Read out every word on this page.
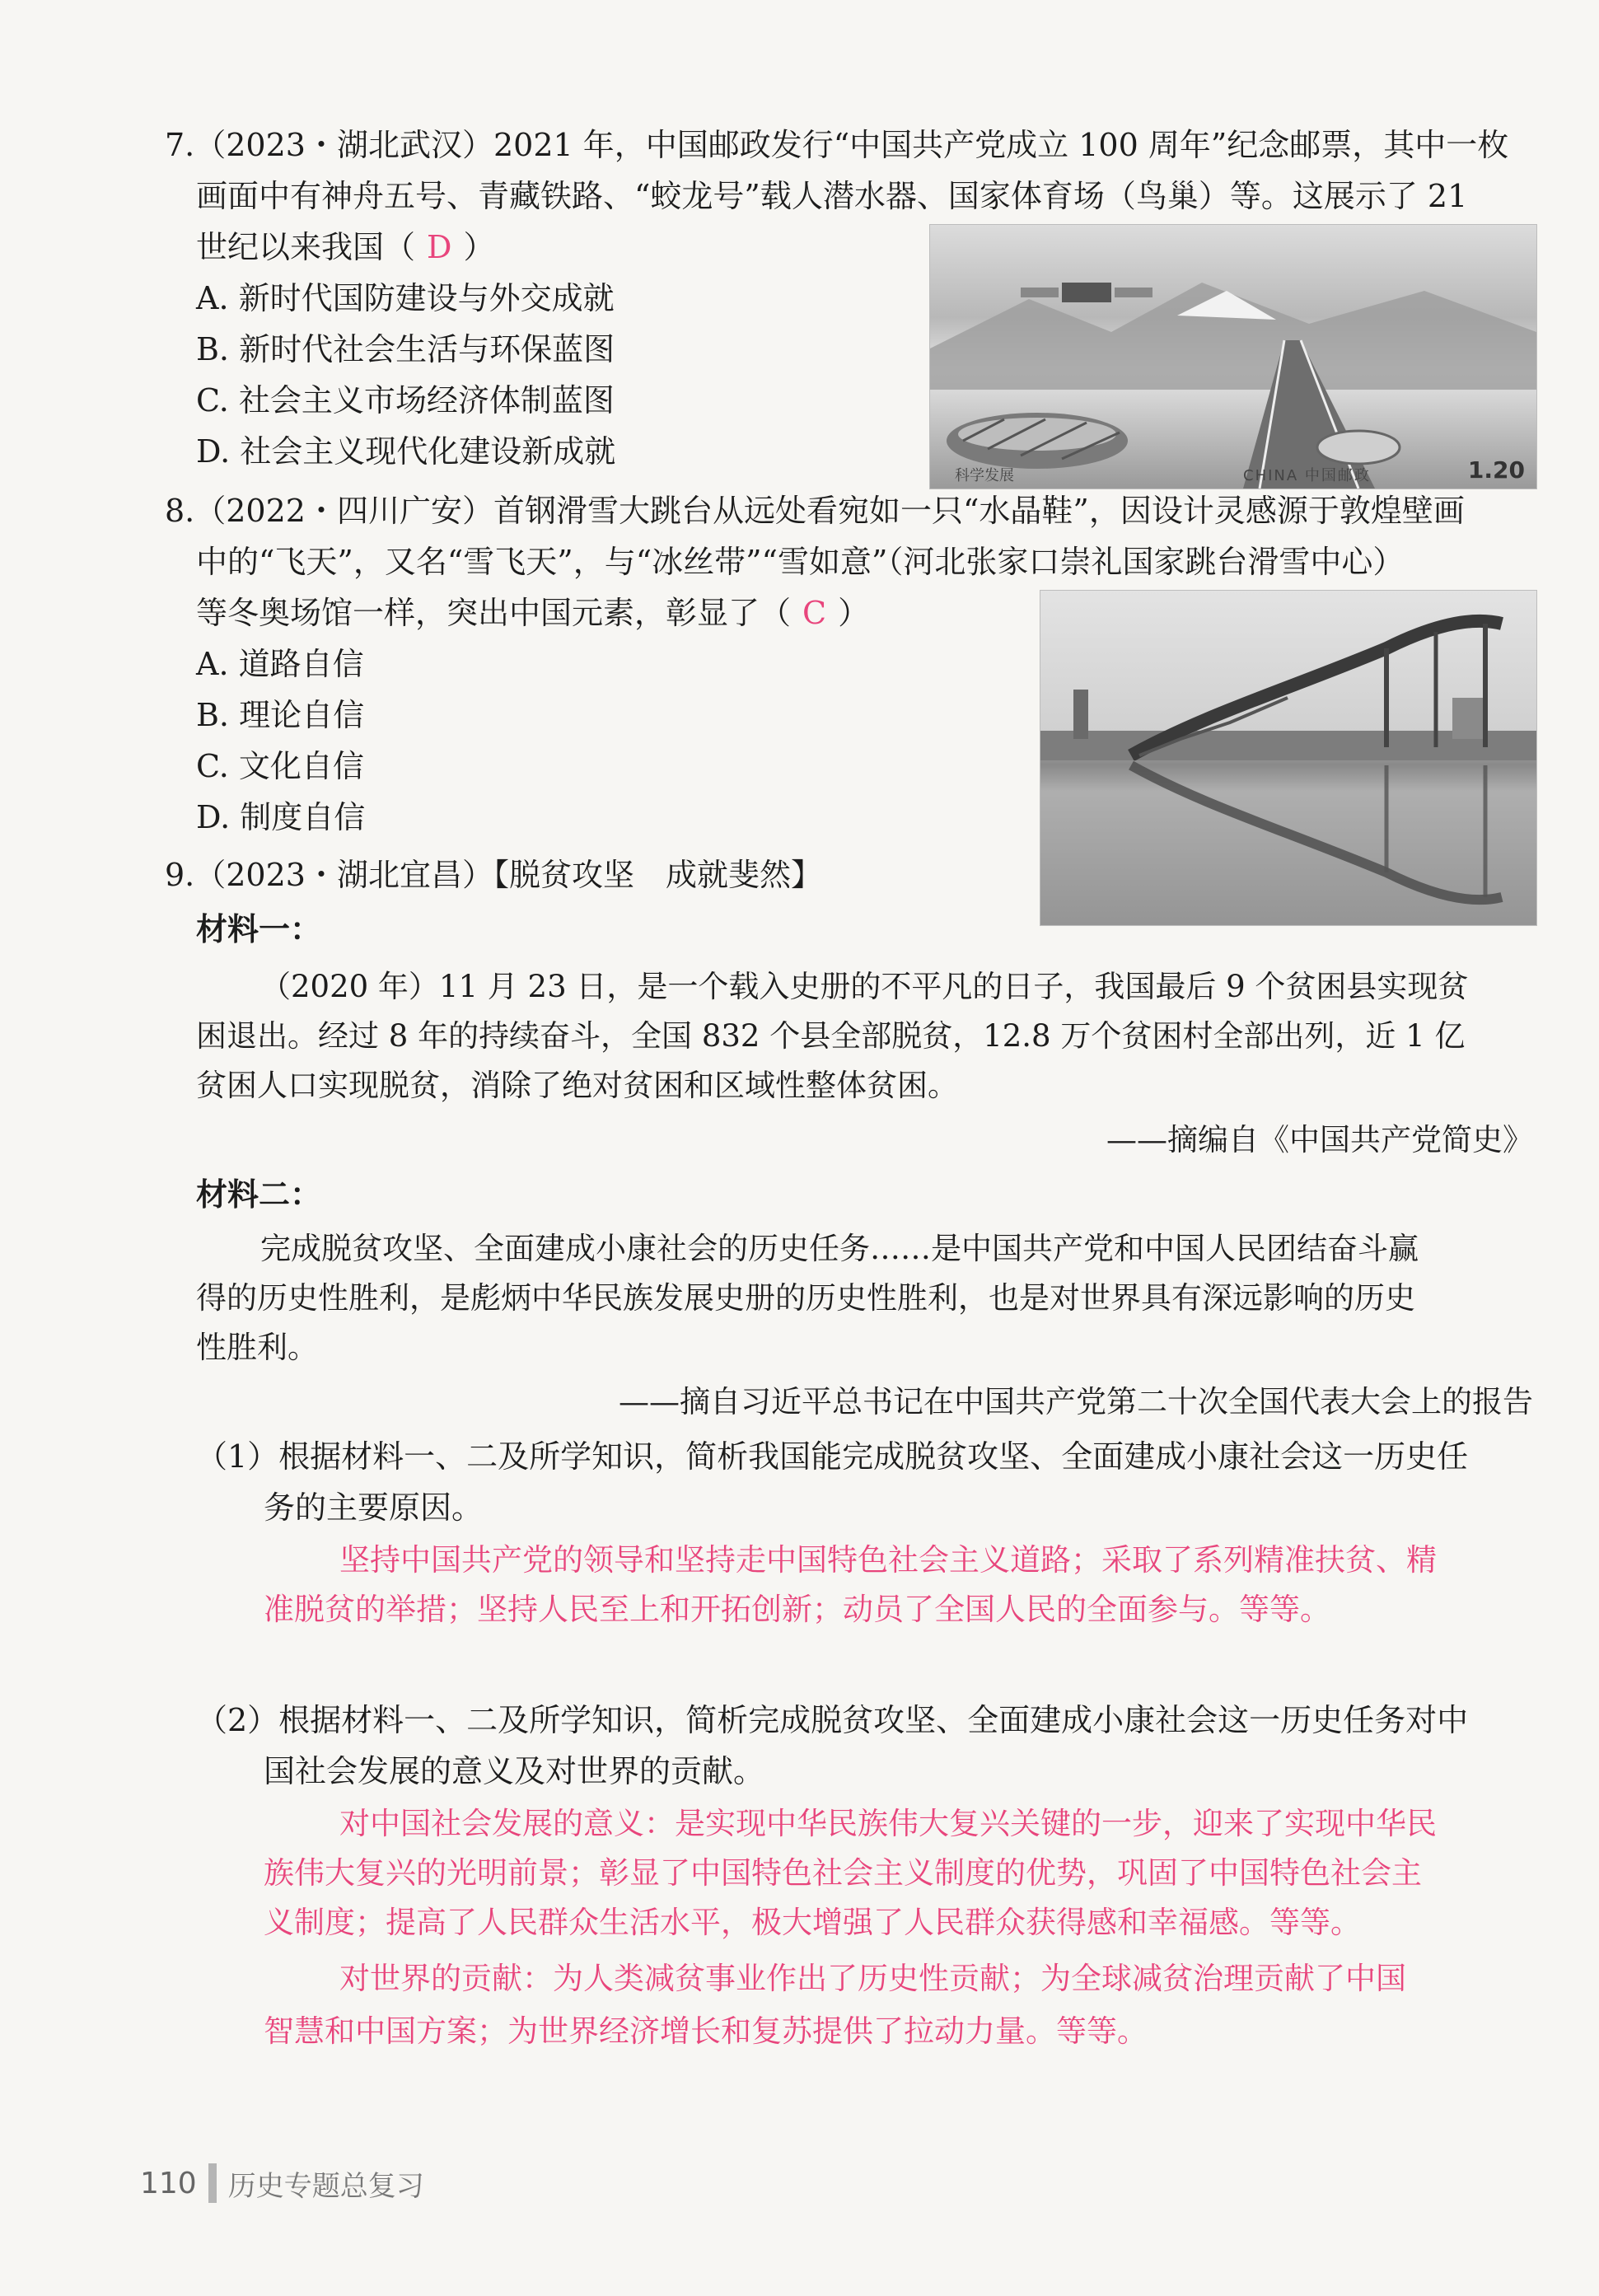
7.（2023・湖北武汉）2021 年，中国邮政发行“中国共产党成立 100 周年”纪念邮票，其中一枚
画面中有神舟五号、青藏铁路、“蛟龙号”载人潜水器、国家体育场（鸟巢）等。这展示了 21
世纪以来我国（ D ）
A. 新时代国防建设与外交成就
B. 新时代社会生活与环保蓝图
C. 社会主义市场经济体制蓝图
D. 社会主义现代化建设新成就
科学发展	CHINA 中国邮政	1.20
8.（2022・四川广安）首钢滑雪大跳台从远处看宛如一只“水晶鞋”，因设计灵感源于敦煌壁画
中的“飞天”，又名“雪飞天”，与“冰丝带”“雪如意”（河北张家口崇礼国家跳台滑雪中心）
等冬奥场馆一样，突出中国元素，彰显了（ C ）
A. 道路自信
B. 理论自信
C. 文化自信
D. 制度自信
9.（2023・湖北宜昌）【脱贫攻坚　成就斐然】
材料一：
（2020 年）11 月 23 日，是一个载入史册的不平凡的日子，我国最后 9 个贫困县实现贫
困退出。经过 8 年的持续奋斗，全国 832 个县全部脱贫，12.8 万个贫困村全部出列，近 1 亿
贫困人口实现脱贫，消除了绝对贫困和区域性整体贫困。
——摘编自《中国共产党简史》
材料二：
完成脱贫攻坚、全面建成小康社会的历史任务……是中国共产党和中国人民团结奋斗赢
得的历史性胜利，是彪炳中华民族发展史册的历史性胜利，也是对世界具有深远影响的历史
性胜利。
——摘自习近平总书记在中国共产党第二十次全国代表大会上的报告
（1）根据材料一、二及所学知识，简析我国能完成脱贫攻坚、全面建成小康社会这一历史任
务的主要原因。
坚持中国共产党的领导和坚持走中国特色社会主义道路；采取了系列精准扶贫、精
准脱贫的举措；坚持人民至上和开拓创新；动员了全国人民的全面参与。等等。
（2）根据材料一、二及所学知识，简析完成脱贫攻坚、全面建成小康社会这一历史任务对中
国社会发展的意义及对世界的贡献。
对中国社会发展的意义：是实现中华民族伟大复兴关键的一步，迎来了实现中华民
族伟大复兴的光明前景；彰显了中国特色社会主义制度的优势，巩固了中国特色社会主
义制度；提高了人民群众生活水平，极大增强了人民群众获得感和幸福感。等等。
对世界的贡献：为人类减贫事业作出了历史性贡献；为全球减贫治理贡献了中国
智慧和中国方案；为世界经济增长和复苏提供了拉动力量。等等。
110 历史专题总复习
